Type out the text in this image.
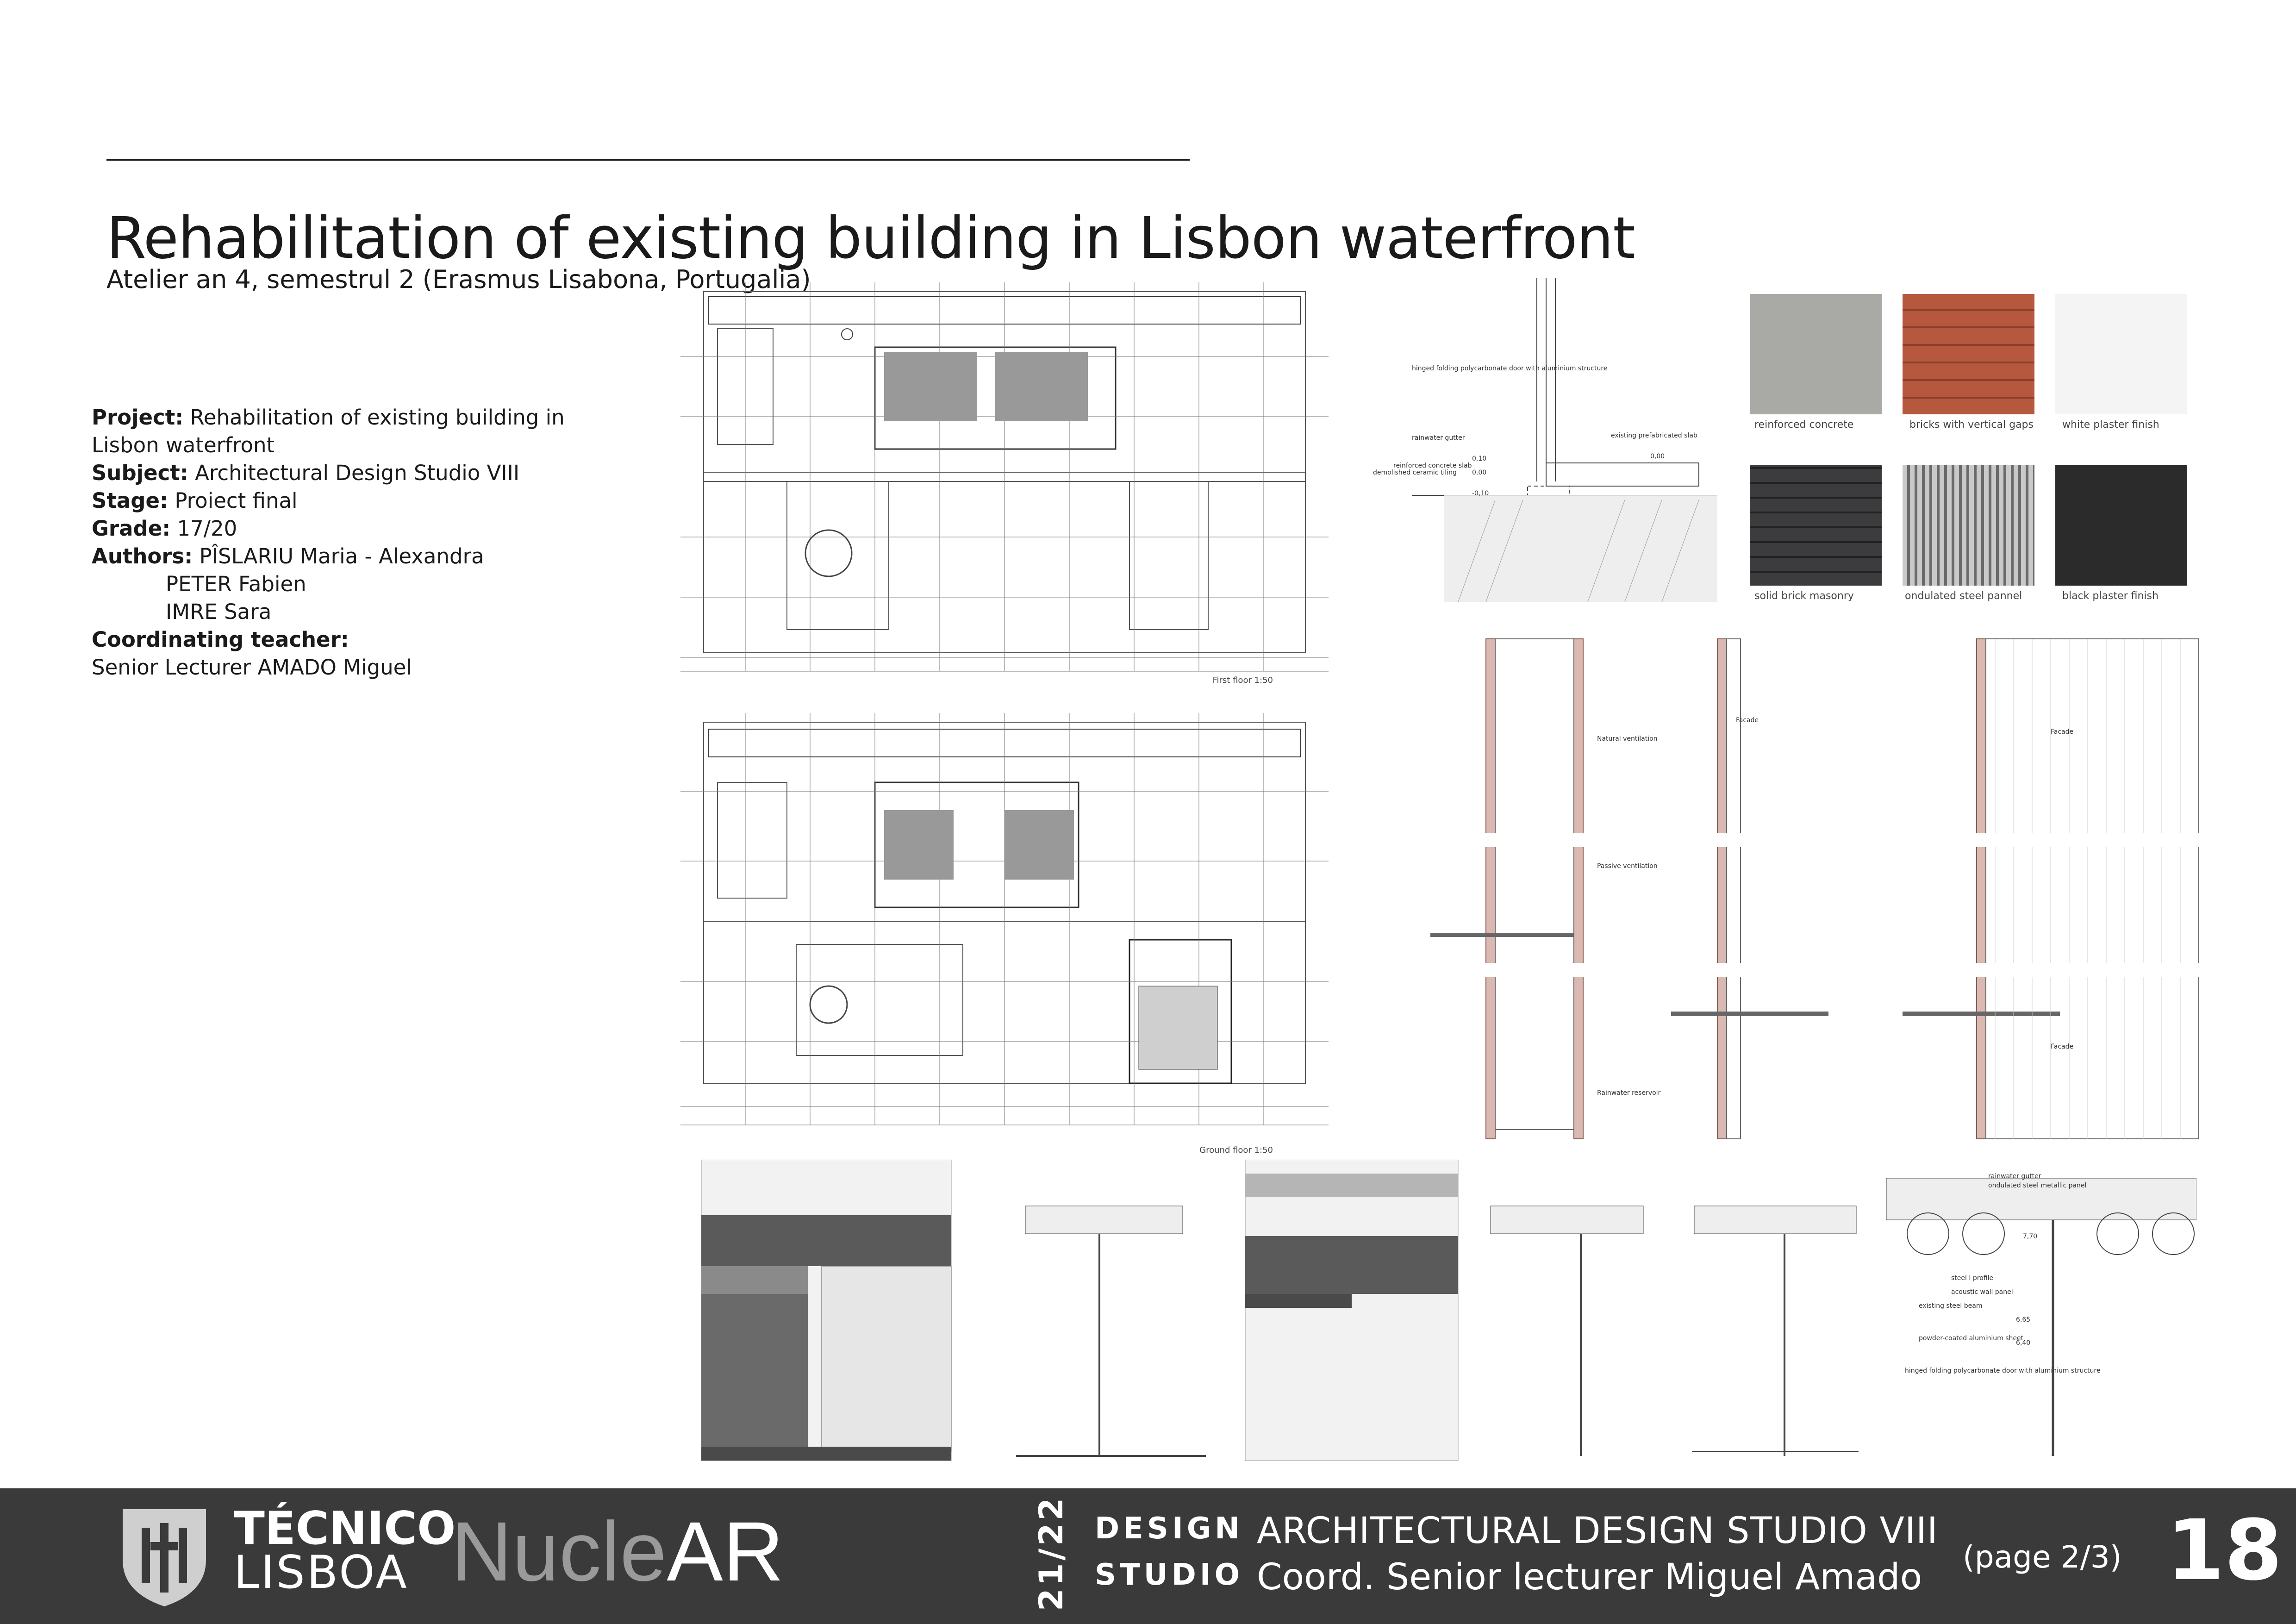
Rehabilitation of existing building in Lisbon waterfront
Atelier an 4, semestrul 2 (Erasmus Lisabona, Portugalia)

Project: Rehabilitation of existing building in Lisbon waterfront

Subject: Architectural Design Studio VIII

Stage: Proiect final

Grade: 17/20

Authors: PÎSLARIU Maria - Alexandra

PETER Fabien

IMRE Sara

Coordinating teacher:

Senior Lecturer AMADO Miguel

First floor 1:50
Ground floor 1:50
hinged folding polycarbonate door with aluminium structure
rainwater gutter
reinforced concrete slab
demolished ceramic tiling
existing prefabricated slab
0,10
0,00
-0,10
0,00
reinforced concrete	bricks with vertical gaps	white plaster finish
solid brick masonry	ondulated steel pannel	black plaster finish
Natural ventilation
Passive ventilation
Rainwater reservoir
Facade
Facade
Facade
rainwater gutter
ondulated steel metallic panel
steel I profile
acoustic wall panel
existing steel beam
powder-coated aluminium sheet
hinged folding polycarbonate door with aluminium structure
7,70
6,65
6,40
TÉCNICO
LISBOA NucleAR	21/22 DESIGN
STUDIO
ARCHITECTURAL DESIGN STUDIO VIII
Coord. Senior lecturer Miguel Amado (page 2/3) 18
